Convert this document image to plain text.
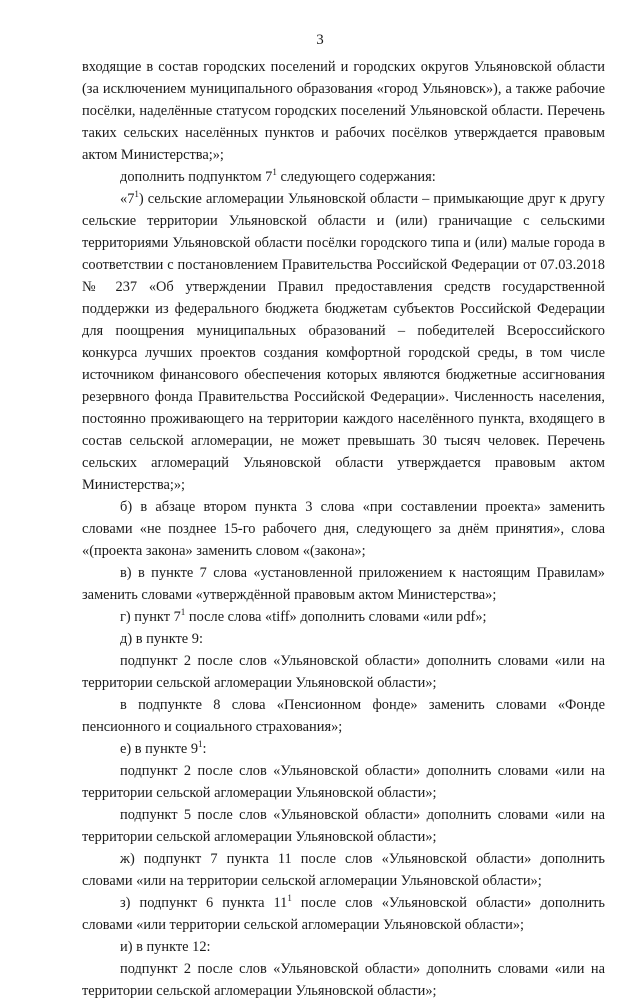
3

входящие в состав городских поселений и городских округов Ульяновской области (за исключением муниципального образования «город Ульяновск»), а также рабочие посёлки, наделённые статусом городских поселений Ульяновской области. Перечень таких сельских населённых пунктов и рабочих посёлков утверждается правовым актом Министерства;»;

дополнить подпунктом $7^1$ следующего содержания:

«$7^1$) сельские агломерации Ульяновской области – примыкающие друг к другу сельские территории Ульяновской области и (или) граничащие с сельскими территориями Ульяновской области посёлки городского типа и (или) малые города в соответствии с постановлением Правительства Российской Федерации от 07.03.2018 № 237 «Об утверждении Правил предоставления средств государственной поддержки из федерального бюджета бюджетам субъектов Российской Федерации для поощрения муниципальных образований – победителей Всероссийского конкурса лучших проектов создания комфортной городской среды, в том числе источником финансового обеспечения которых являются бюджетные ассигнования резервного фонда Правительства Российской Федерации». Численность населения, постоянно проживающего на территории каждого населённого пункта, входящего в состав сельской агломерации, не может превышать 30 тысяч человек. Перечень сельских агломераций Ульяновской области утверждается правовым актом Министерства;»;

б) в абзаце втором пункта 3 слова «при составлении проекта» заменить словами «не позднее 15-го рабочего дня, следующего за днём принятия», слова «(проекта закона» заменить словом «(закона»;

в) в пункте 7 слова «установленной приложением к настоящим Правилам» заменить словами «утверждённой правовым актом Министерства»;

г) пункт $7^1$ после слова «tiff» дополнить словами «или pdf»;

д) в пункте 9:

подпункт 2 после слов «Ульяновской области» дополнить словами «или на территории сельской агломерации Ульяновской области»;

в подпункте 8 слова «Пенсионном фонде» заменить словами «Фонде пенсионного и социального страхования»;

е) в пункте $9^1$:

подпункт 2 после слов «Ульяновской области» дополнить словами «или на территории сельской агломерации Ульяновской области»;

подпункт 5 после слов «Ульяновской области» дополнить словами «или на территории сельской агломерации Ульяновской области»;

ж) подпункт 7 пункта 11 после слов «Ульяновской области» дополнить словами «или на территории сельской агломерации Ульяновской области»;

з) подпункт 6 пункта $11^1$ после слов «Ульяновской области» дополнить словами «или территории сельской агломерации Ульяновской области»;

и) в пункте 12:

подпункт 2 после слов «Ульяновской области» дополнить словами «или на территории сельской агломерации Ульяновской области»;
